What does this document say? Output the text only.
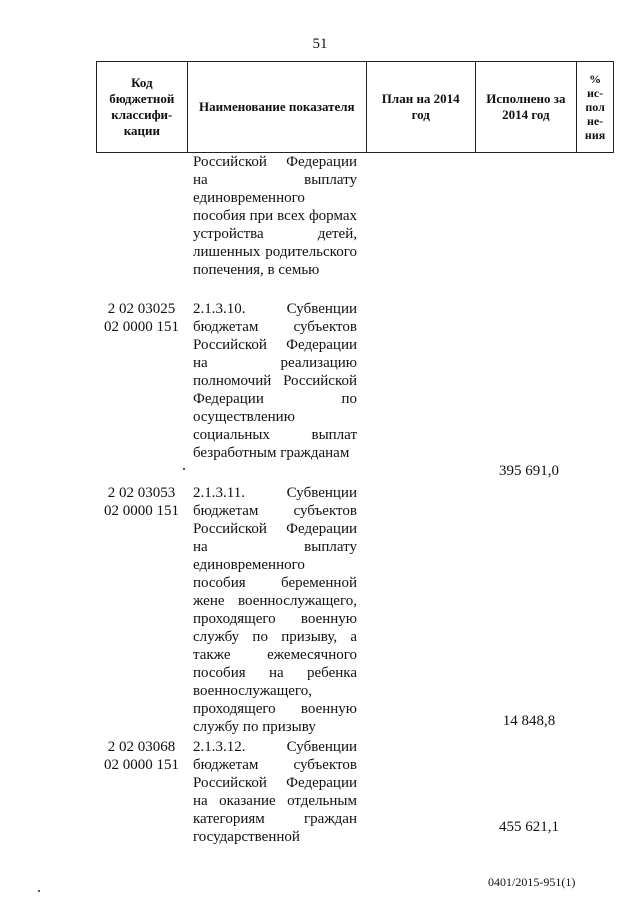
51
Код
бюджетной
классифи-
кации
Наименование показателя
План на 2014
год
Исполнено за
2014 год
%
ис-
пол
не-
ния
Российской Федерации на выплату единовременного пособия при всех формах устройства детей, лишенных родительского попечения, в семью
2 02 03025
02 0000 151
2.1.3.10. Субвенции бюджетам субъектов Российской Федерации на реализацию полномочий Российской Федерации по осуществлению социальных выплат безработным гражданам
395 691,0
2 02 03053
02 0000 151
2.1.3.11. Субвенции бюджетам субъектов Российской Федерации на выплату единовременного пособия беременной жене военнослужащего, проходящего военную службу по призыву, а также ежемесячного пособия на ребенка военнослужащего, проходящего военную службу по призыву	14 848,8
2 02 03068
02 0000 151
2.1.3.12. Субвенции бюджетам субъектов Российской Федерации на оказание отдельным категориям граждан государственной
455 621,1
0401/2015-951(1)
